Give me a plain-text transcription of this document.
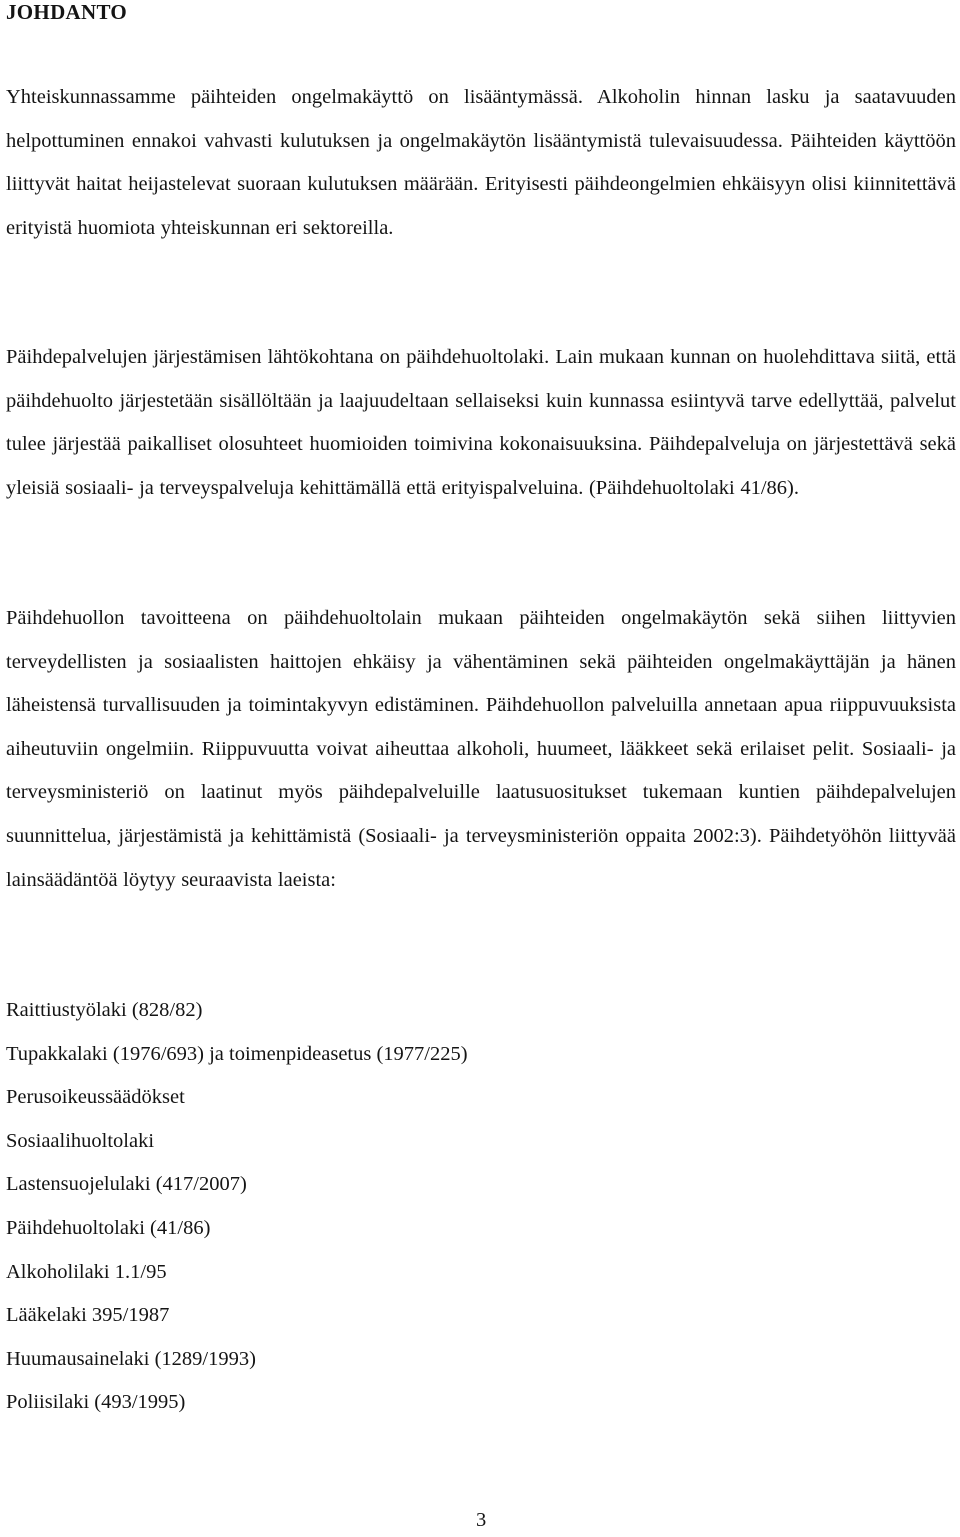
JOHDANTO

Yhteiskunnassamme päihteiden ongelmakäyttö on lisääntymässä. Alkoholin hinnan lasku ja saatavuuden helpottuminen ennakoi vahvasti kulutuksen ja ongelmakäytön lisääntymistä tulevaisuudessa. Päihteiden käyttöön liittyvät haitat heijastelevat suoraan kulutuksen määrään. Erityisesti päihdeongelmien ehkäisyyn olisi kiinnitettävä erityistä huomiota yhteiskunnan eri sektoreilla.

Päihdepalvelujen järjestämisen lähtökohtana on päihdehuoltolaki. Lain mukaan kunnan on huolehdittava siitä, että päihdehuolto järjestetään sisällöltään ja laajuudeltaan sellaiseksi kuin kunnassa esiintyvä tarve edellyttää, palvelut tulee järjestää paikalliset olosuhteet huomioiden toimivina kokonaisuuksina. Päihdepalveluja on järjestettävä sekä yleisiä sosiaali- ja terveyspalveluja kehittämällä että erityispalveluina. (Päihdehuoltolaki 41/86).

Päihdehuollon tavoitteena on päihdehuoltolain mukaan päihteiden ongelmakäytön sekä siihen liittyvien terveydellisten ja sosiaalisten haittojen ehkäisy ja vähentäminen sekä päihteiden ongelmakäyttäjän ja hänen läheistensä turvallisuuden ja toimintakyvyn edistäminen. Päihdehuollon palveluilla annetaan apua riippuvuuksista aiheutuviin ongelmiin. Riippuvuutta voivat aiheuttaa alkoholi, huumeet, lääkkeet sekä erilaiset pelit. Sosiaali- ja terveysministeriö on laatinut myös päihdepalveluille laatusuositukset tukemaan kuntien päihdepalvelujen suunnittelua, järjestämistä ja kehittämistä (Sosiaali- ja terveysministeriön oppaita 2002:3). Päihdetyöhön liittyvää lainsäädäntöä löytyy seuraavista laeista:

Raittiustyölaki (828/82)
Tupakkalaki (1976/693) ja toimenpideasetus (1977/225)
Perusoikeussäädökset
Sosiaalihuoltolaki
Lastensuojelulaki (417/2007)
Päihdehuoltolaki (41/86)
Alkoholilaki 1.1/95
Lääkelaki 395/1987
Huumausainelaki (1289/1993)
Poliisilaki (493/1995)
3
